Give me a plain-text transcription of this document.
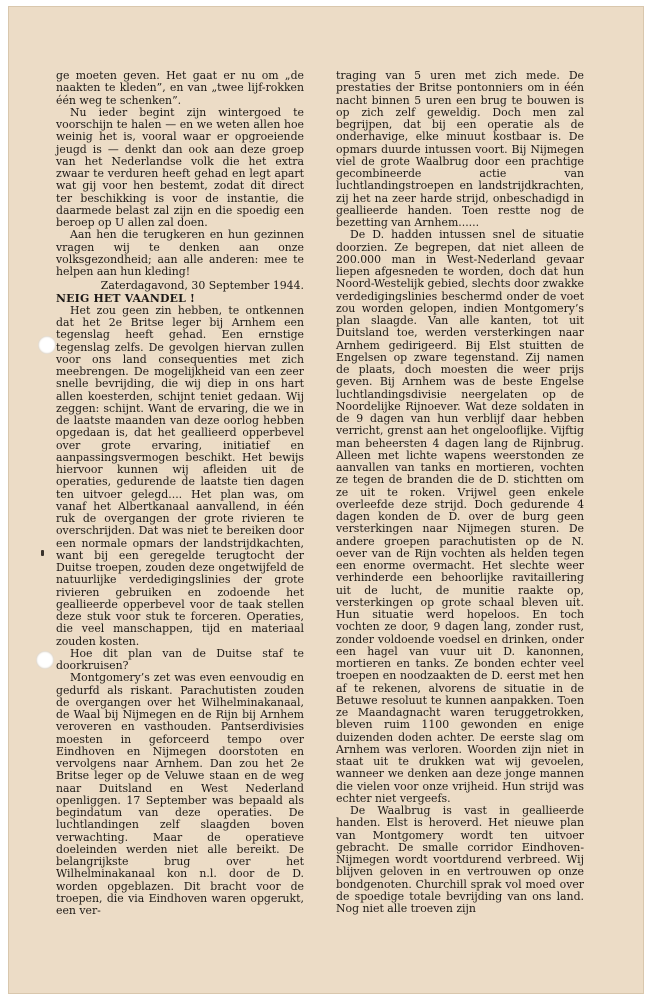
ge moeten geven. Het gaat er nu om „de naakten te kleden”, en van „twee lijf-rokken één weg te schenken”.

Nu ieder begint zijn wintergoed te voorschijn te halen — en we weten allen hoe weinig het is, vooral waar er opgroeiende jeugd is — denkt dan ook aan deze groep van het Nederlandse volk die het extra zwaar te verduren heeft gehad en legt apart wat gij voor hen bestemt, zodat dit direct ter beschikking is voor de instantie, die daarmede belast zal zijn en die spoedig een beroep op U allen zal doen.

Aan hen die terugkeren en hun gezinnen vragen wij te denken aan onze volksgezondheid; aan alle anderen: mee te helpen aan hun kleding!

Zaterdagavond, 30 September 1944.

NEIG HET VAANDEL !

Het zou geen zin hebben, te ontkennen dat het 2e Britse leger bij Arnhem een tegenslag heeft gehad. Een ernstige tegenslag zelfs. De gevolgen hiervan zullen voor ons land consequenties met zich meebrengen. De mogelijkheid van een zeer snelle bevrijding, die wij diep in ons hart allen koesterden, schijnt teniet gedaan. Wij zeggen: schijnt. Want de ervaring, die we in de laatste maanden van deze oorlog hebben opgedaan is, dat het geallieerd opperbevel over grote ervaring, initiatief en aanpassingsvermogen beschikt. Het bewijs hiervoor kunnen wij afleiden uit de operaties, gedurende de laatste tien dagen ten uitvoer gelegd.... Het plan was, om vanaf het Albertkanaal aanvallend, in één ruk de overgangen der grote rivieren te overschrijden. Dat was niet te bereiken door een normale opmars der landstrijdkachten, want bij een geregelde terugtocht der Duitse troepen, zouden deze ongetwijfeld de natuurlijke verdedigingslinies der grote rivieren gebruiken en zodoende het geallieerde opperbevel voor de taak stellen deze stuk voor stuk te forceren. Operaties, die veel manschappen, tijd en materiaal zouden kosten.

Hoe dit plan van de Duitse staf te doorkruisen?

Montgomery’s zet was even eenvoudig en gedurfd als riskant. Parachutisten zouden de overgangen over het Wilhelminakanaal, de Waal bij Nijmegen en de Rijn bij Arnhem veroveren en vasthouden. Pantserdivisies moesten in geforceerd tempo over Eindhoven en Nijmegen doorstoten en vervolgens naar Arnhem. Dan zou het 2e Britse leger op de Veluwe staan en de weg naar Duitsland en West Nederland openliggen. 17 September was bepaald als begindatum van deze operaties. De luchtlandingen zelf slaagden boven verwachting. Maar de operatieve doeleinden werden niet alle bereikt. De belangrijkste brug over het Wilhelminakanaal kon n.l. door de D. worden opgeblazen. Dit bracht voor de troepen, die via Eindhoven waren opgerukt, een ver-

traging van 5 uren met zich mede. De prestaties der Britse pontonniers om in één nacht binnen 5 uren een brug te bouwen is op zich zelf geweldig. Doch men zal begrijpen, dat bij een operatie als de onderhavige, elke minuut kostbaar is. De opmars duurde intussen voort. Bij Nijmegen viel de grote Waalbrug door een prachtige gecombineerde actie van luchtlandingstroepen en landstrijdkrachten, zij het na zeer harde strijd, onbeschadigd in geallieerde handen. Toen restte nog de bezetting van Arnhem......

De D. hadden intussen snel de situatie doorzien. Ze begrepen, dat niet alleen de 200.000 man in West-Nederland gevaar liepen afgesneden te worden, doch dat hun Noord-Westelijk gebied, slechts door zwakke verdedigingslinies beschermd onder de voet zou worden gelopen, indien Montgomery’s plan slaagde. Van alle kanten, tot uit Duitsland toe, werden versterkingen naar Arnhem gedirigeerd. Bij Elst stuitten de Engelsen op zware tegenstand. Zij namen de plaats, doch moesten die weer prijs geven. Bij Arnhem was de beste Engelse luchtlandingsdivisie neergelaten op de Noordelijke Rijnoever. Wat deze soldaten in de 9 dagen van hun verblijf daar hebben verricht, grenst aan het ongelooflijke. Vijftig man beheersten 4 dagen lang de Rijnbrug. Alleen met lichte wapens weerstonden ze aanvallen van tanks en mortieren, vochten ze tegen de branden die de D. stichtten om ze uit te roken. Vrijwel geen enkele overleefde deze strijd. Doch gedurende 4 dagen konden de D. over de burg geen versterkingen naar Nijmegen sturen. De andere groepen parachutisten op de N. oever van de Rijn vochten als helden tegen een enorme overmacht. Het slechte weer verhinderde een behoorlijke ravitaillering uit de lucht, de munitie raakte op, versterkingen op grote schaal bleven uit. Hun situatie werd hopeloos. En toch vochten ze door, 9 dagen lang, zonder rust, zonder voldoende voedsel en drinken, onder een hagel van vuur uit D. kanonnen, mortieren en tanks. Ze bonden echter veel troepen en noodzaakten de D. eerst met hen af te rekenen, alvorens de situatie in de Betuwe resoluut te kunnen aanpakken. Toen ze Maandagnacht waren teruggetrokken, bleven ruim 1100 gewonden en enige duizenden doden achter. De eerste slag om Arnhem was verloren. Woorden zijn niet in staat uit te drukken wat wij gevoelen, wanneer we denken aan deze jonge mannen die vielen voor onze vrijheid. Hun strijd was echter niet vergeefs.

De Waalbrug is vast in geallieerde handen. Elst is heroverd. Het nieuwe plan van Montgomery wordt ten uitvoer gebracht. De smalle corridor Eindhoven-Nijmegen wordt voortdurend verbreed. Wij blijven geloven in en vertrouwen op onze bondgenoten. Churchill sprak vol moed over de spoedige totale bevrijding van ons land. Nog niet alle troeven zijn
